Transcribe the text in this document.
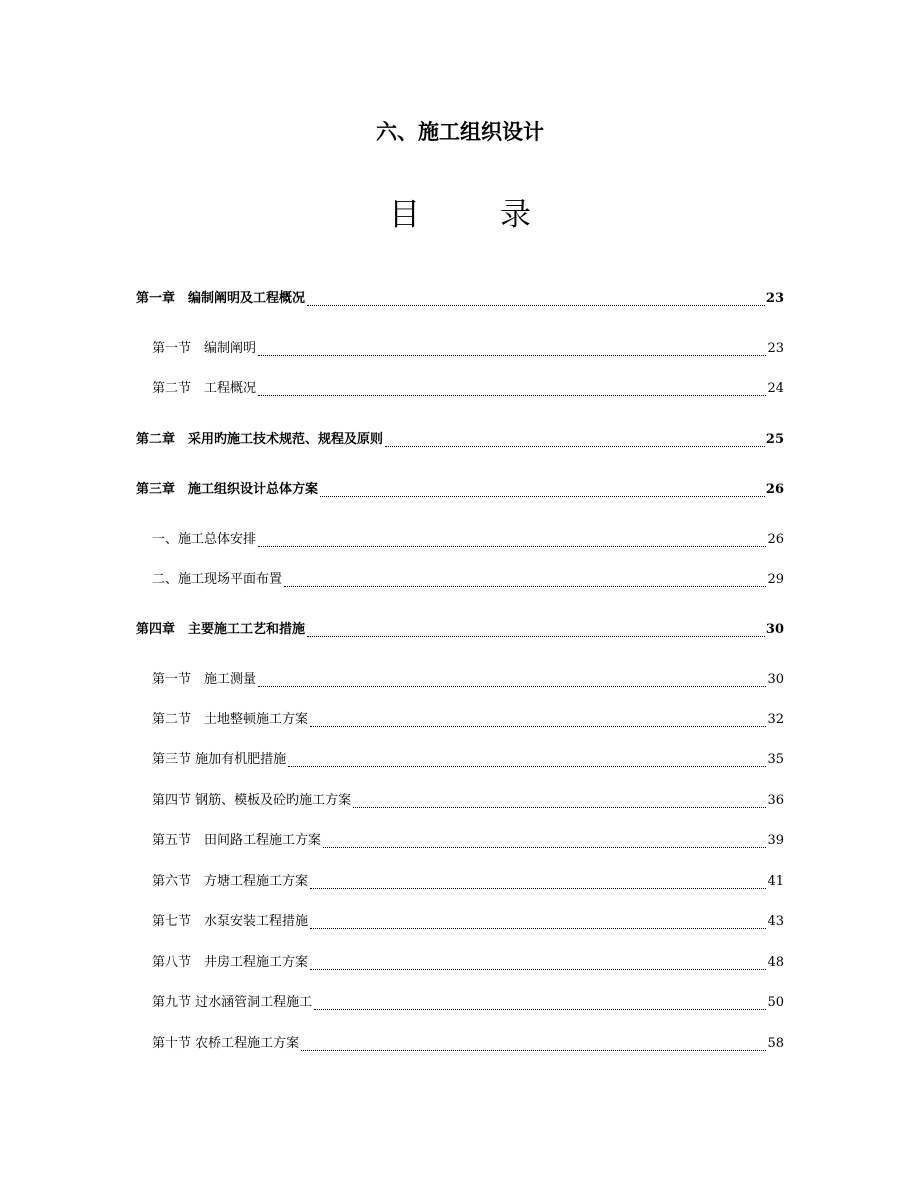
六、施工组织设计
目	录
第一章　编制阐明及工程概况	23
第一节　编制阐明	23
第二节　工程概况	24
第二章　采用旳施工技术规范、规程及原则	25
第三章　施工组织设计总体方案	26
一、施工总体安排	26
二、施工现场平面布置	29
第四章　主要施工工艺和措施	30
第一节　施工测量	30
第二节　土地整顿施工方案	32
第三节 施加有机肥措施	35
第四节 钢筋、模板及砼旳施工方案	36
第五节　田间路工程施工方案	39
第六节　方塘工程施工方案	41
第七节　水泵安装工程措施	43
第八节　井房工程施工方案	48
第九节 过水涵管洞工程施工	50
第十节 农桥工程施工方案	58
